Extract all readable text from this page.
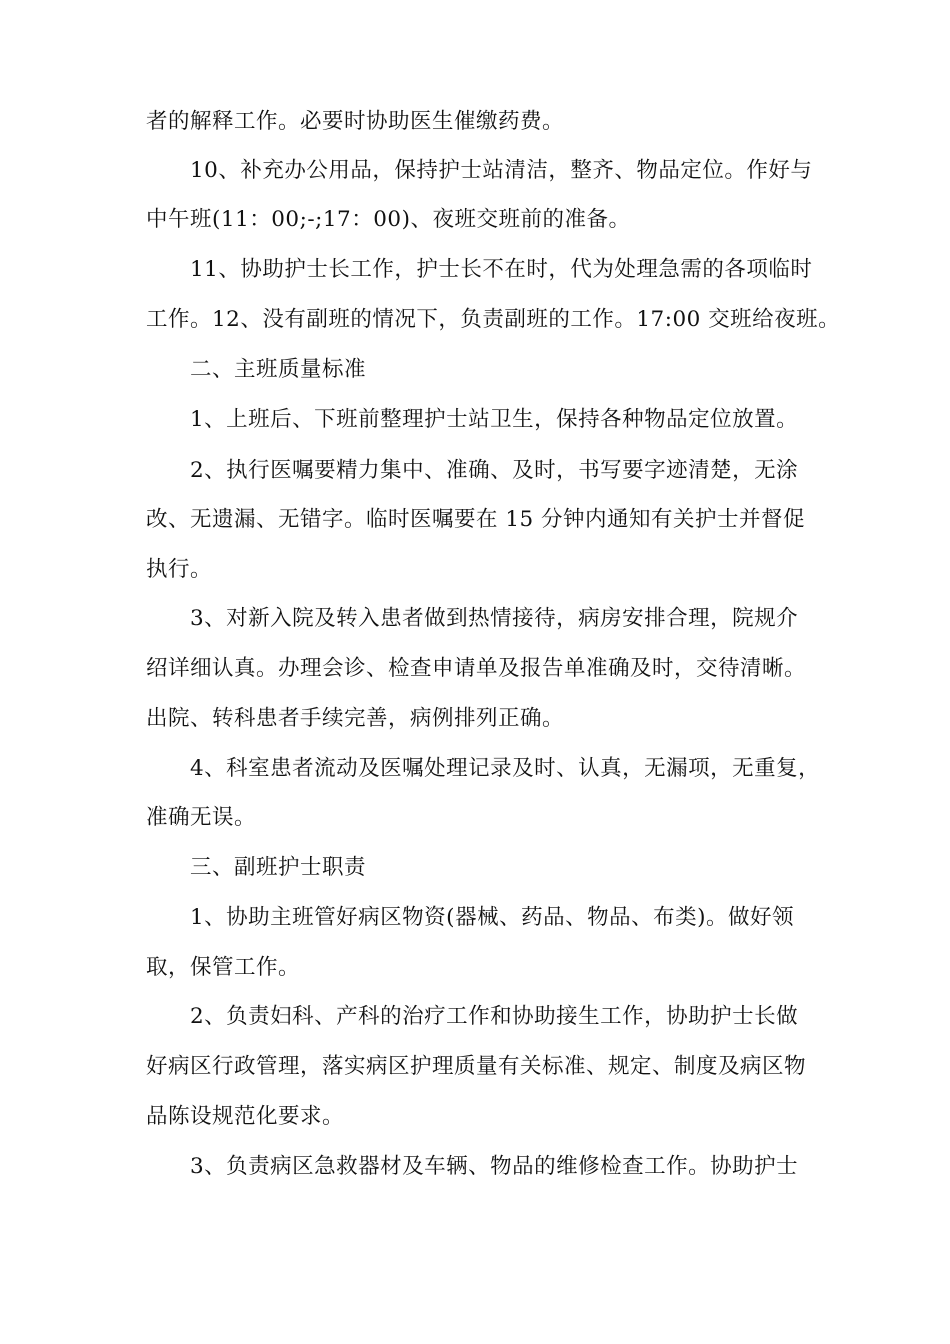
者的解释工作。必要时协助医生催缴药费。
10、补充办公用品，保持护士站清洁，整齐、物品定位。作好与
中午班(11：00;-;17：00)、夜班交班前的准备。
11、协助护士长工作，护士长不在时，代为处理急需的各项临时
工作。12、没有副班的情况下，负责副班的工作。17:00 交班给夜班。
二、主班质量标准
1、上班后、下班前整理护士站卫生，保持各种物品定位放置。
2、执行医嘱要精力集中、准确、及时，书写要字迹清楚，无涂
改、无遗漏、无错字。临时医嘱要在 15 分钟内通知有关护士并督促
执行。
3、对新入院及转入患者做到热情接待，病房安排合理，院规介
绍详细认真。办理会诊、检查申请单及报告单准确及时，交待清晰。
出院、转科患者手续完善，病例排列正确。
4、科室患者流动及医嘱处理记录及时、认真，无漏项，无重复，
准确无误。
三、副班护士职责
1、协助主班管好病区物资(器械、药品、物品、布类)。做好领
取，保管工作。
2、负责妇科、产科的治疗工作和协助接生工作，协助护士长做
好病区行政管理，落实病区护理质量有关标准、规定、制度及病区物
品陈设规范化要求。
3、负责病区急救器材及车辆、物品的维修检查工作。协助护士
